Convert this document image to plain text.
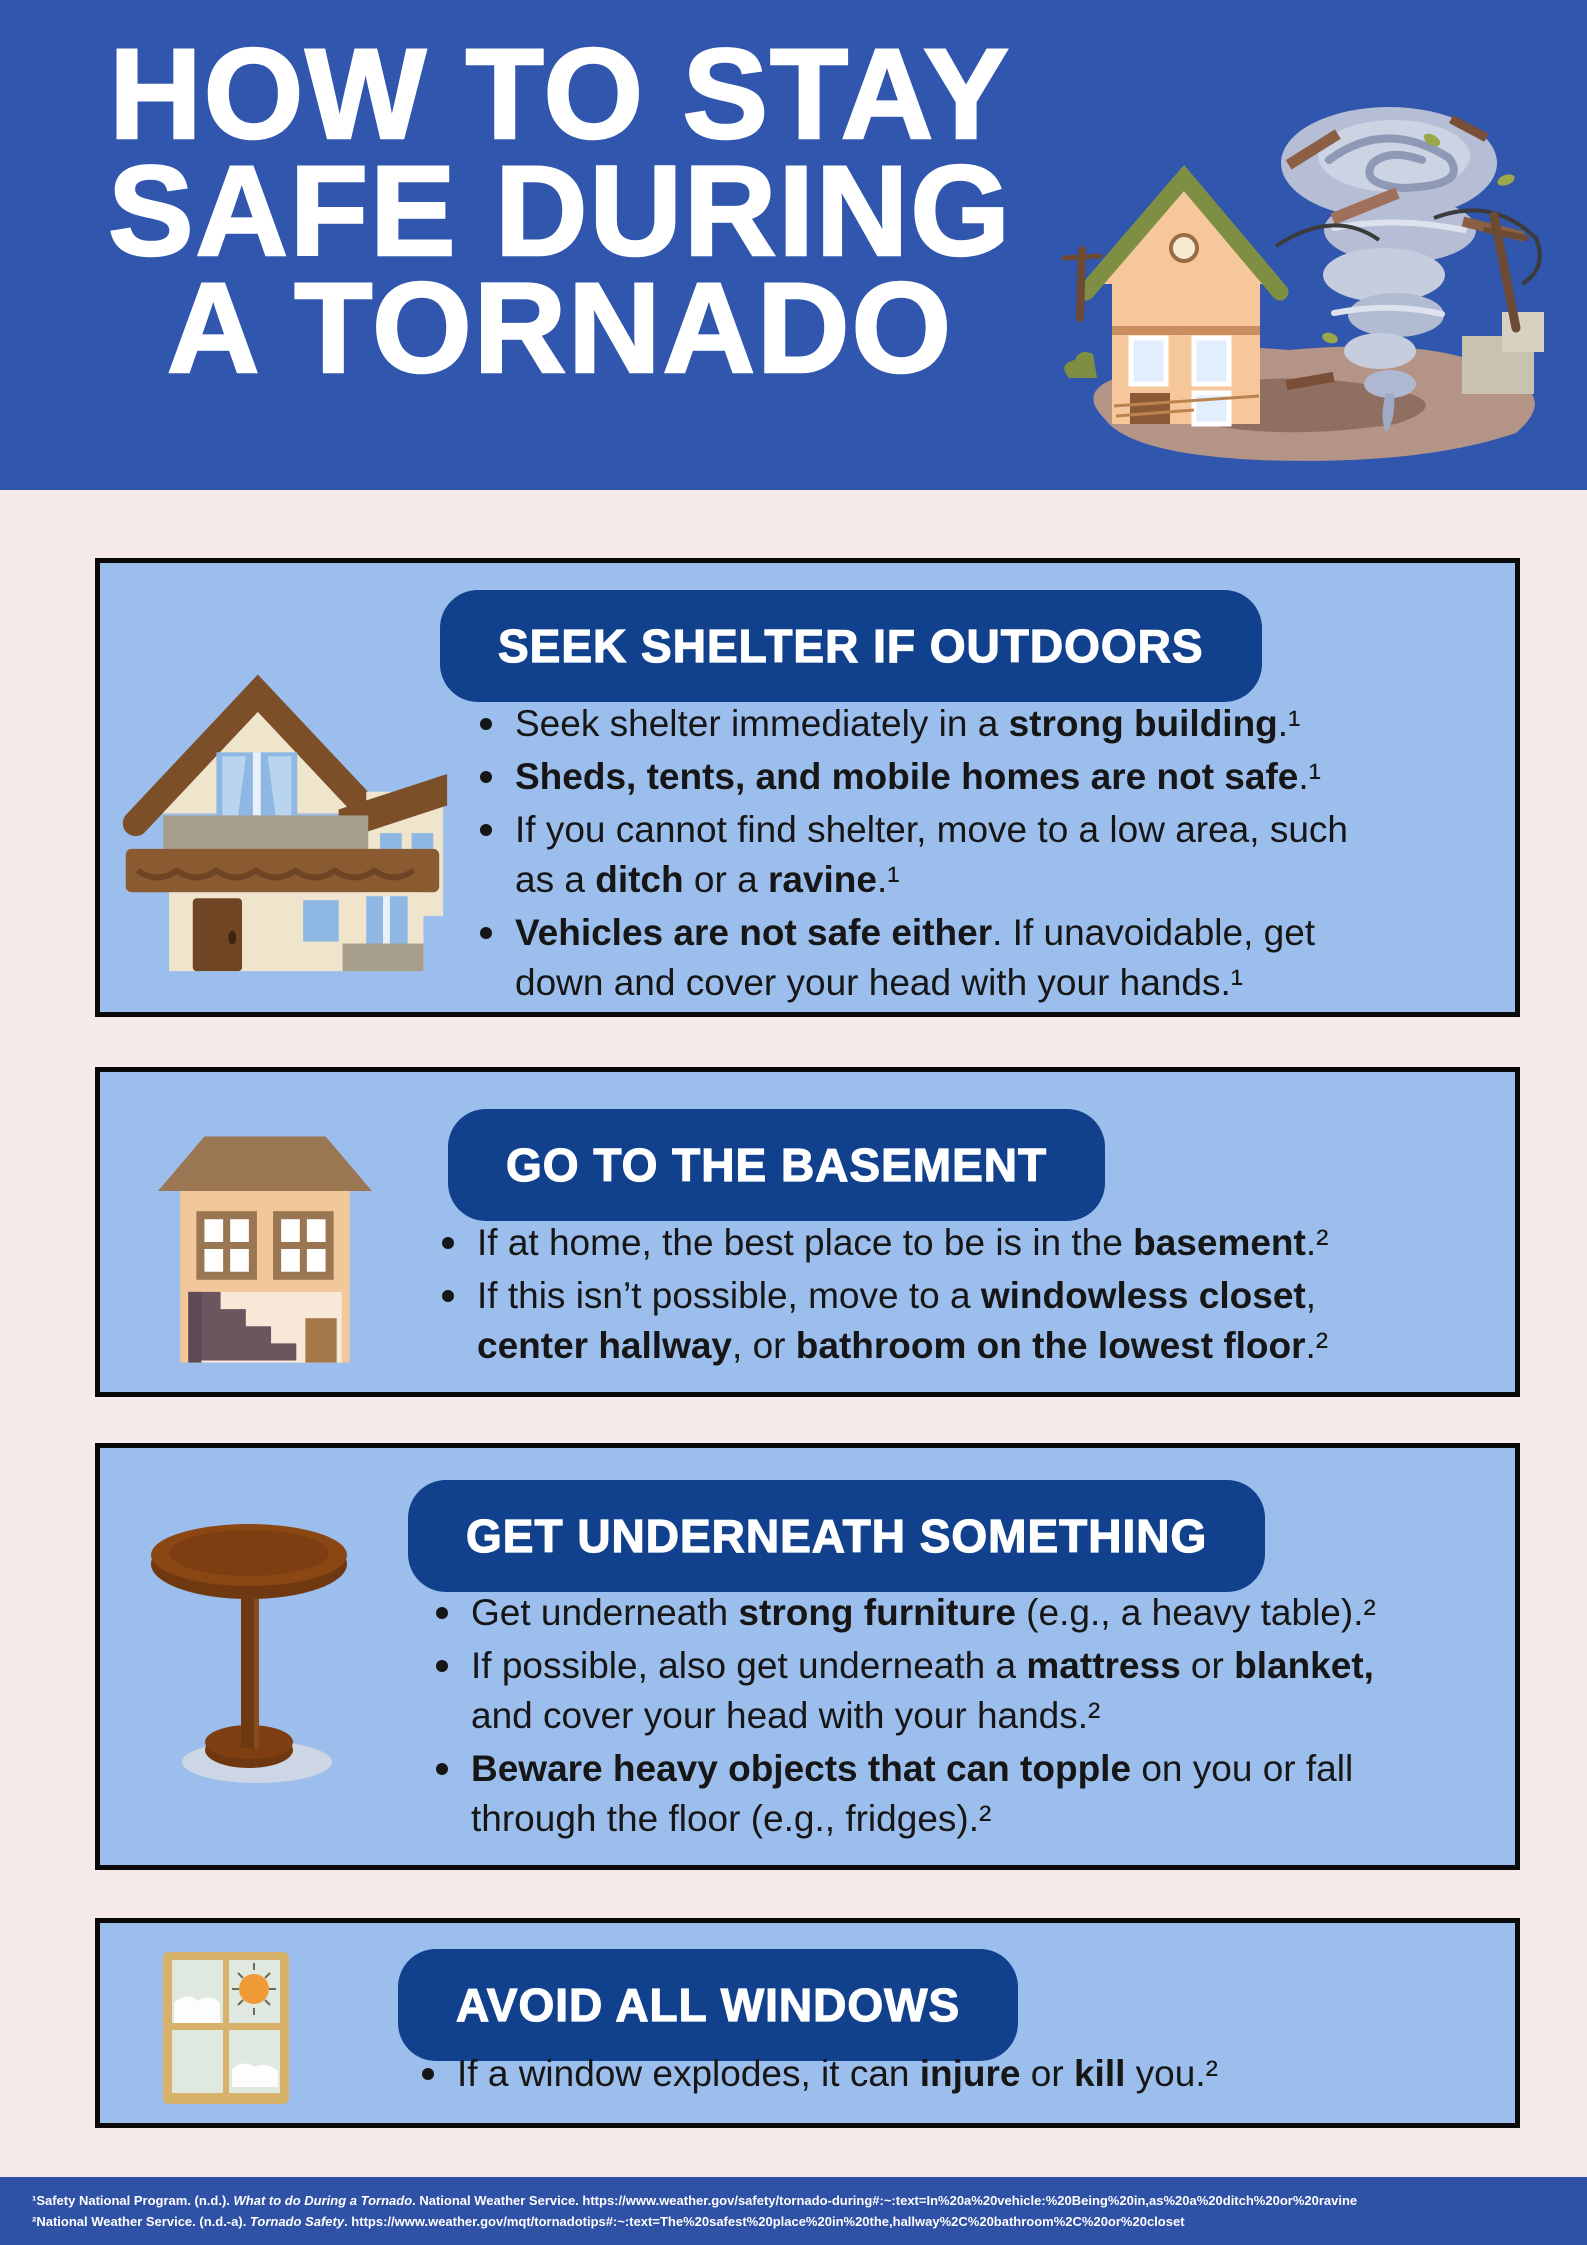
HOW TO STAY
SAFE DURING
A TORNADO
SEEK SHELTER IF OUTDOORS
Seek shelter immediately in a strong building.¹
Sheds, tents, and mobile homes are not safe.¹
If you cannot find shelter, move to a low area, such
as a ditch or a ravine.¹
Vehicles are not safe either. If unavoidable, get
down and cover your head with your hands.¹
GO TO THE BASEMENT
If at home, the best place to be is in the basement.²
If this isn’t possible, move to a windowless closet,
center hallway, or bathroom on the lowest floor.²
GET UNDERNEATH SOMETHING
Get underneath strong furniture (e.g., a heavy table).²
If possible, also get underneath a mattress or blanket,
and cover your head with your hands.²
Beware heavy objects that can topple on you or fall
through the floor (e.g., fridges).²
AVOID ALL WINDOWS
If a window explodes, it can injure or kill you.²
¹Safety National Program. (n.d.). What to do During a Tornado. National Weather Service. https://www.weather.gov/safety/tornado-during#:~:text=In%20a%20vehicle:%20Being%20in,as%20a%20ditch%20or%20ravine
²National Weather Service. (n.d.-a). Tornado Safety. https://www.weather.gov/mqt/tornadotips#:~:text=The%20safest%20place%20in%20the,hallway%2C%20bathroom%2C%20or%20closet
